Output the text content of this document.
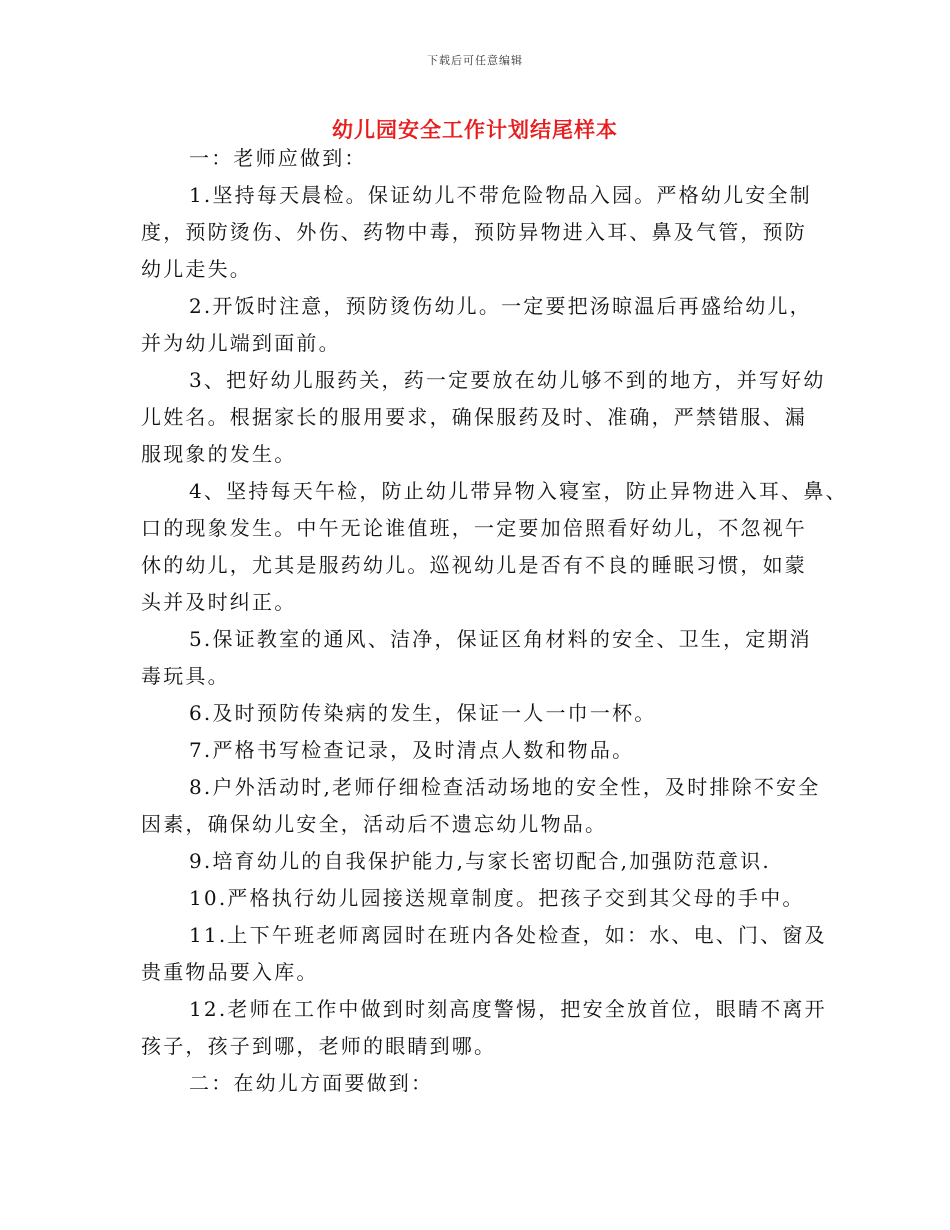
下载后可任意编辑
幼儿园安全工作计划结尾样本
一：老师应做到：
1.坚持每天晨检。保证幼儿不带危险物品入园。严格幼儿安全制
度，预防烫伤、外伤、药物中毒，预防异物进入耳、鼻及气管，预防
幼儿走失。
2.开饭时注意，预防烫伤幼儿。一定要把汤晾温后再盛给幼儿，
并为幼儿端到面前。
3、把好幼儿服药关，药一定要放在幼儿够不到的地方，并写好幼
儿姓名。根据家长的服用要求，确保服药及时、准确，严禁错服、漏
服现象的发生。
4、坚持每天午检，防止幼儿带异物入寝室，防止异物进入耳、鼻、
口的现象发生。中午无论谁值班，一定要加倍照看好幼儿，不忽视午
休的幼儿，尤其是服药幼儿。巡视幼儿是否有不良的睡眠习惯，如蒙
头并及时纠正。
5.保证教室的通风、洁净，保证区角材料的安全、卫生，定期消
毒玩具。
6.及时预防传染病的发生，保证一人一巾一杯。
7.严格书写检查记录，及时清点人数和物品。
8.户外活动时,老师仔细检查活动场地的安全性，及时排除不安全
因素，确保幼儿安全，活动后不遗忘幼儿物品。
9.培育幼儿的自我保护能力,与家长密切配合,加强防范意识.
10.严格执行幼儿园接送规章制度。把孩子交到其父母的手中。
11.上下午班老师离园时在班内各处检查，如：水、电、门、窗及
贵重物品要入库。
12.老师在工作中做到时刻高度警惕，把安全放首位，眼睛不离开
孩子，孩子到哪，老师的眼睛到哪。
二：在幼儿方面要做到：
